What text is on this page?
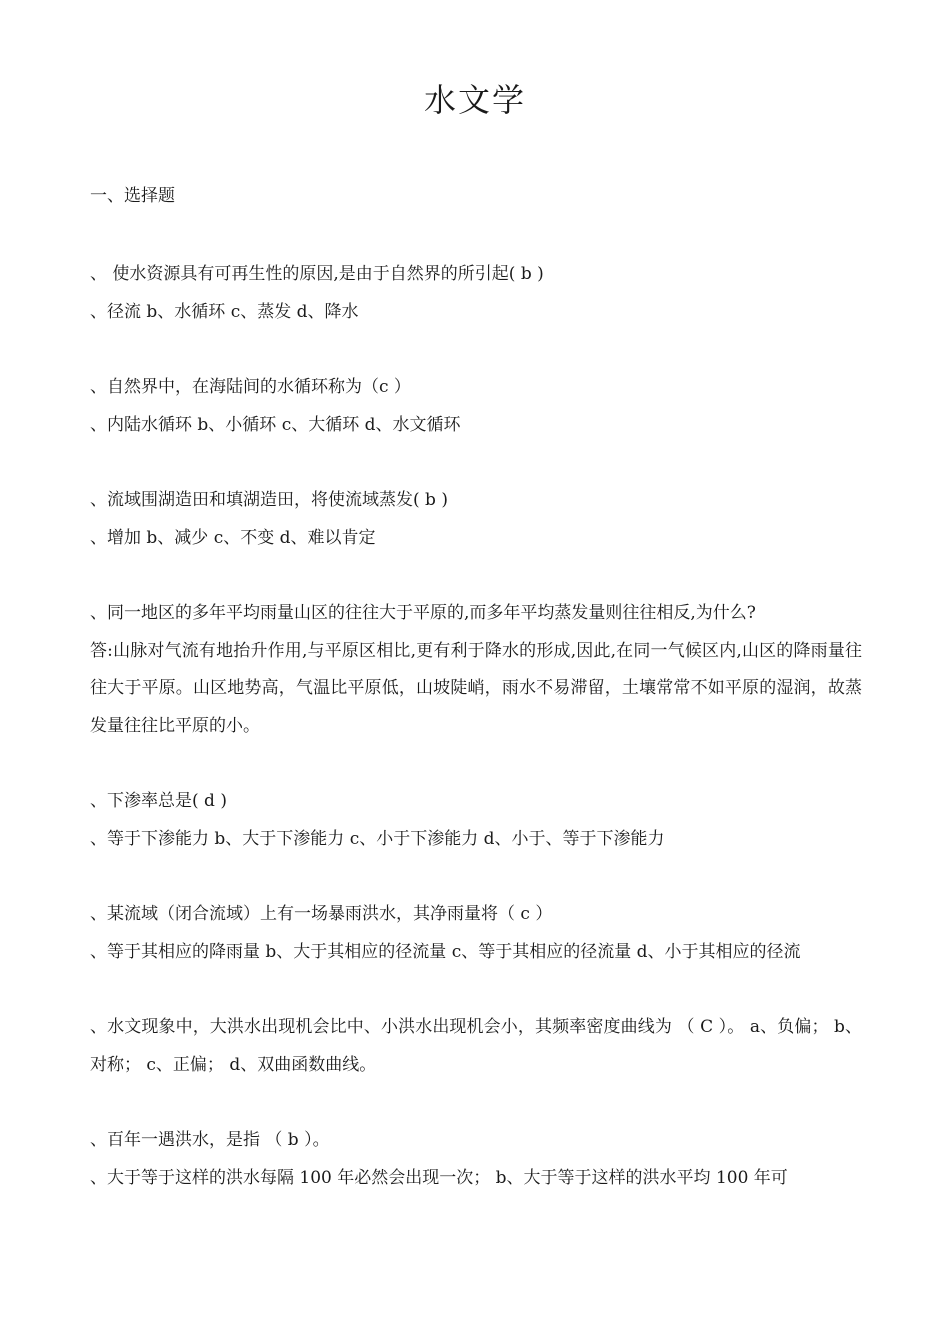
水文学
一、选择题
、 使水资源具有可再生性的原因,是由于自然界的所引起( b )
、径流 b、水循环 c、蒸发 d、降水
、自然界中，在海陆间的水循环称为（c ）
、内陆水循环 b、小循环 c、大循环 d、水文循环
、流域围湖造田和填湖造田，将使流域蒸发( b )
、增加 b、减少 c、不变 d、难以肯定
、同一地区的多年平均雨量山区的往往大于平原的,而多年平均蒸发量则往往相反,为什么?
答:山脉对气流有地抬升作用,与平原区相比,更有利于降水的形成,因此,在同一气候区内,山区的降雨量往往大于平原。山区地势高，气温比平原低，山坡陡峭，雨水不易滞留，土壤常常不如平原的湿润，故蒸发量往往比平原的小。
、下渗率总是( d )
、等于下渗能力 b、大于下渗能力 c、小于下渗能力 d、小于、等于下渗能力
、某流域（闭合流域）上有一场暴雨洪水，其净雨量将（ c ）
、等于其相应的降雨量 b、大于其相应的径流量 c、等于其相应的径流量 d、小于其相应的径流
、水文现象中，大洪水出现机会比中、小洪水出现机会小，其频率密度曲线为 （ C ）。 a、负偏； b、对称； c、正偏； d、双曲函数曲线。
、百年一遇洪水，是指 （ b ）。
、大于等于这样的洪水每隔 100 年必然会出现一次； b、大于等于这样的洪水平均 100 年可
